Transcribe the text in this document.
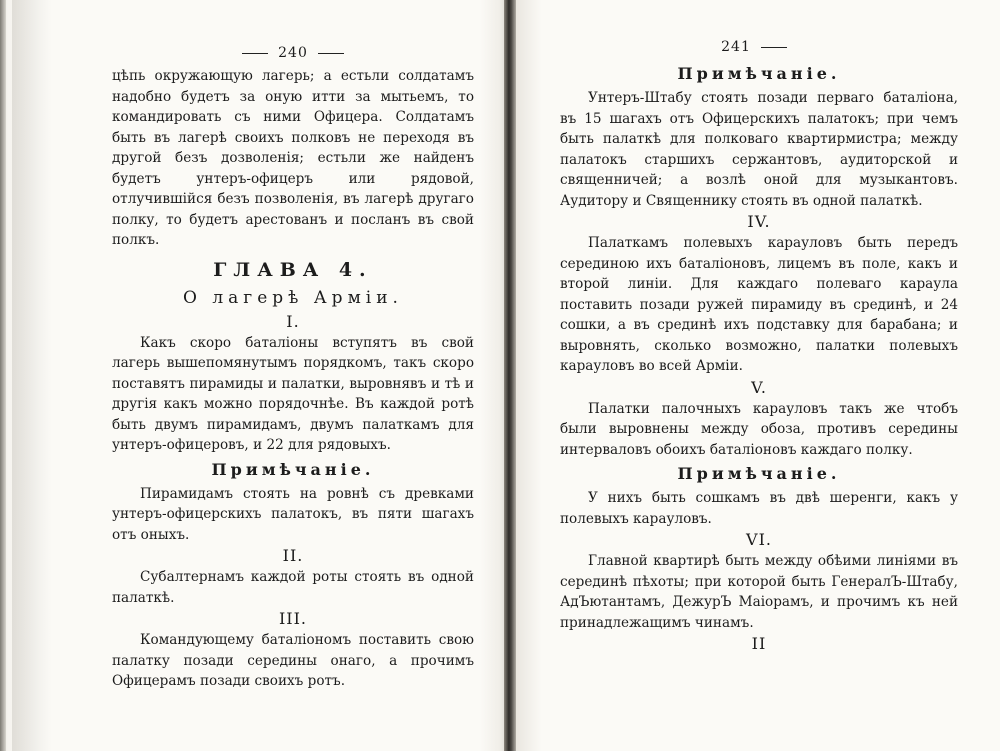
240

цѣпь окружающую лагерь; а естьли солдатамъ надобно будетъ за оную итти за мытьемъ, то командировать съ ними Офицера. Солдатамъ быть въ лагерѣ своихъ полковъ не переходя въ другой безъ дозволенія; естьли же найденъ будетъ унтеръ-офицеръ или рядовой, отлучившійся безъ позволенія, въ лагерѣ другаго полку, то будетъ арестованъ и посланъ въ свой полкъ.

ГЛАВА 4.
О лагерѣ Арміи.
I.

Какъ скоро баталіоны вступятъ въ свой лагерь вышепомянутымъ порядкомъ, такъ скоро поставятъ пирамиды и палатки, выровнявъ и тѣ и другія какъ можно порядочнѣе. Въ каждой ротѣ быть двумъ пирамидамъ, двумъ палаткамъ для унтеръ-офицеровъ, и 22 для рядовыхъ.

Примѣчаніе.

Пирамидамъ стоять на ровнѣ съ древками унтеръ-офицерскихъ палатокъ, въ пяти шагахъ отъ оныхъ.

II.

Субалтернамъ каждой роты стоять въ одной палаткѣ.

III.

Командующему баталіономъ поставить свою палатку позади середины онаго, а прочимъ Офицерамъ позади своихъ ротъ.

241
Примѣчаніе.

Унтеръ-Штабу стоять позади перваго баталіона, въ 15 шагахъ отъ Офицерскихъ палатокъ; при чемъ быть палаткѣ для полковаго квартирмистра; между палатокъ старшихъ сержантовъ, аудиторской и священничей; а возлѣ оной для музыкантовъ. Аудитору и Священнику стоять въ одной палаткѣ.

IV.

Палаткамъ полевыхъ карауловъ быть передъ серединою ихъ баталіоновъ, лицемъ въ поле, какъ и второй линіи. Для каждаго полеваго караула поставить позади ружей пирамиду въ срединѣ, и 24 сошки, а въ срединѣ ихъ подставку для барабана; и выровнять, сколько возможно, палатки полевыхъ карауловъ во всей Арміи.

V.

Палатки палочныхъ карауловъ такъ же чтобъ были выровнены между обоза, противъ середины интерваловъ обоихъ баталіоновъ каждаго полку.

Примѣчаніе.

У нихъ быть сошкамъ въ двѣ шеренги, какъ у полевыхъ карауловъ.

VI.

Главной квартирѣ быть между обѣими линіями въ серединѣ пѣхоты; при которой быть ГенералЪ-Штабу, АдЪютантамъ, ДежурЪ Маіорамъ, и прочимъ къ ней принадлежащимъ чинамъ.

II
